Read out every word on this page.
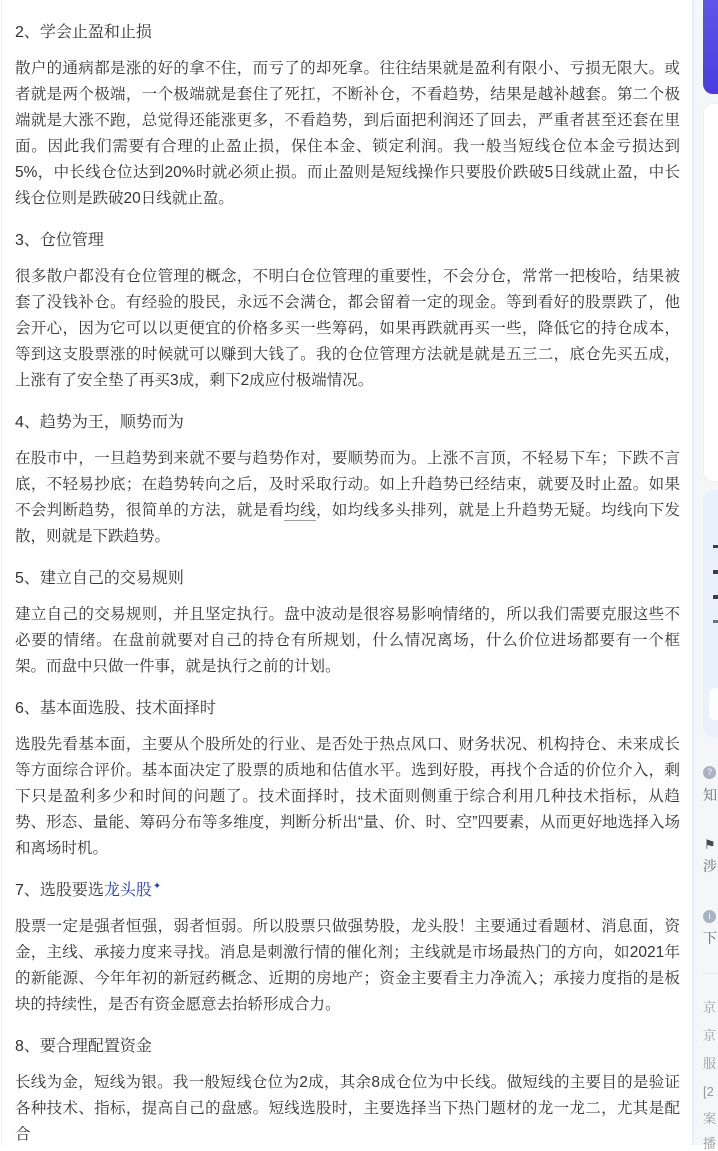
2、学会止盈和止损

散户的通病都是涨的好的拿不住，而亏了的却死拿。往往结果就是盈利有限小、亏损无限大。或者就是两个极端，一个极端就是套住了死扛，不断补仓，不看趋势，结果是越补越套。第二个极端就是大涨不跑，总觉得还能涨更多，不看趋势，到后面把利润还了回去，严重者甚至还套在里面。因此我们需要有合理的止盈止损，保住本金、锁定利润。我一般当短线仓位本金亏损达到5%，中长线仓位达到20%时就必须止损。而止盈则是短线操作只要股价跌破5日线就止盈，中长线仓位则是跌破20日线就止盈。

3、仓位管理

很多散户都没有仓位管理的概念，不明白仓位管理的重要性，不会分仓，常常一把梭哈，结果被套了没钱补仓。有经验的股民，永远不会满仓，都会留着一定的现金。等到看好的股票跌了，他会开心，因为它可以以更便宜的价格多买一些筹码，如果再跌就再买一些，降低它的持仓成本，等到这支股票涨的时候就可以赚到大钱了。我的仓位管理方法就是就是五三二，底仓先买五成，上涨有了安全垫了再买3成，剩下2成应付极端情况。

4、趋势为王，顺势而为

在股市中，一旦趋势到来就不要与趋势作对，要顺势而为。上涨不言顶，不轻易下车；下跌不言底，不轻易抄底；在趋势转向之后，及时采取行动。如上升趋势已经结束，就要及时止盈。如果不会判断趋势，很简单的方法，就是看均线，如均线多头排列，就是上升趋势无疑。均线向下发散，则就是下跌趋势。

5、建立自己的交易规则

建立自己的交易规则，并且坚定执行。盘中波动是很容易影响情绪的，所以我们需要克服这些不必要的情绪。在盘前就要对自己的持仓有所规划，什么情况离场，什么价位进场都要有一个框架。而盘中只做一件事，就是执行之前的计划。

6、基本面选股、技术面择时

选股先看基本面，主要从个股所处的行业、是否处于热点风口、财务状况、机构持仓、未来成长等方面综合评价。基本面决定了股票的质地和估值水平。选到好股，再找个合适的价位介入，剩下只是盈利多少和时间的问题了。技术面择时，技术面则侧重于综合利用几种技术指标，从趋势、形态、量能、筹码分布等多维度，判断分析出“量、价、时、空”四要素，从而更好地选择入场和离场时机。

7、选股要选龙头股✦

股票一定是强者恒强，弱者恒弱。所以股票只做强势股，龙头股！主要通过看题材、消息面，资金，主线、承接力度来寻找。消息是刺激行情的催化剂；主线就是市场最热门的方向，如2021年的新能源、今年年初的新冠药概念、近期的房地产；资金主要看主力净流入；承接力度指的是板块的持续性，是否有资金愿意去抬轿形成合力。

8、要合理配置资金

长线为金，短线为银。我一般短线仓位为2成，其余8成仓位为中长线。做短线的主要目的是验证各种技术、指标，提高自己的盘感。短线选股时，主要选择当下热门题材的龙一龙二，尤其是配合

?
知
⚑
涉
i
下
京
京
服
[2
案
播
